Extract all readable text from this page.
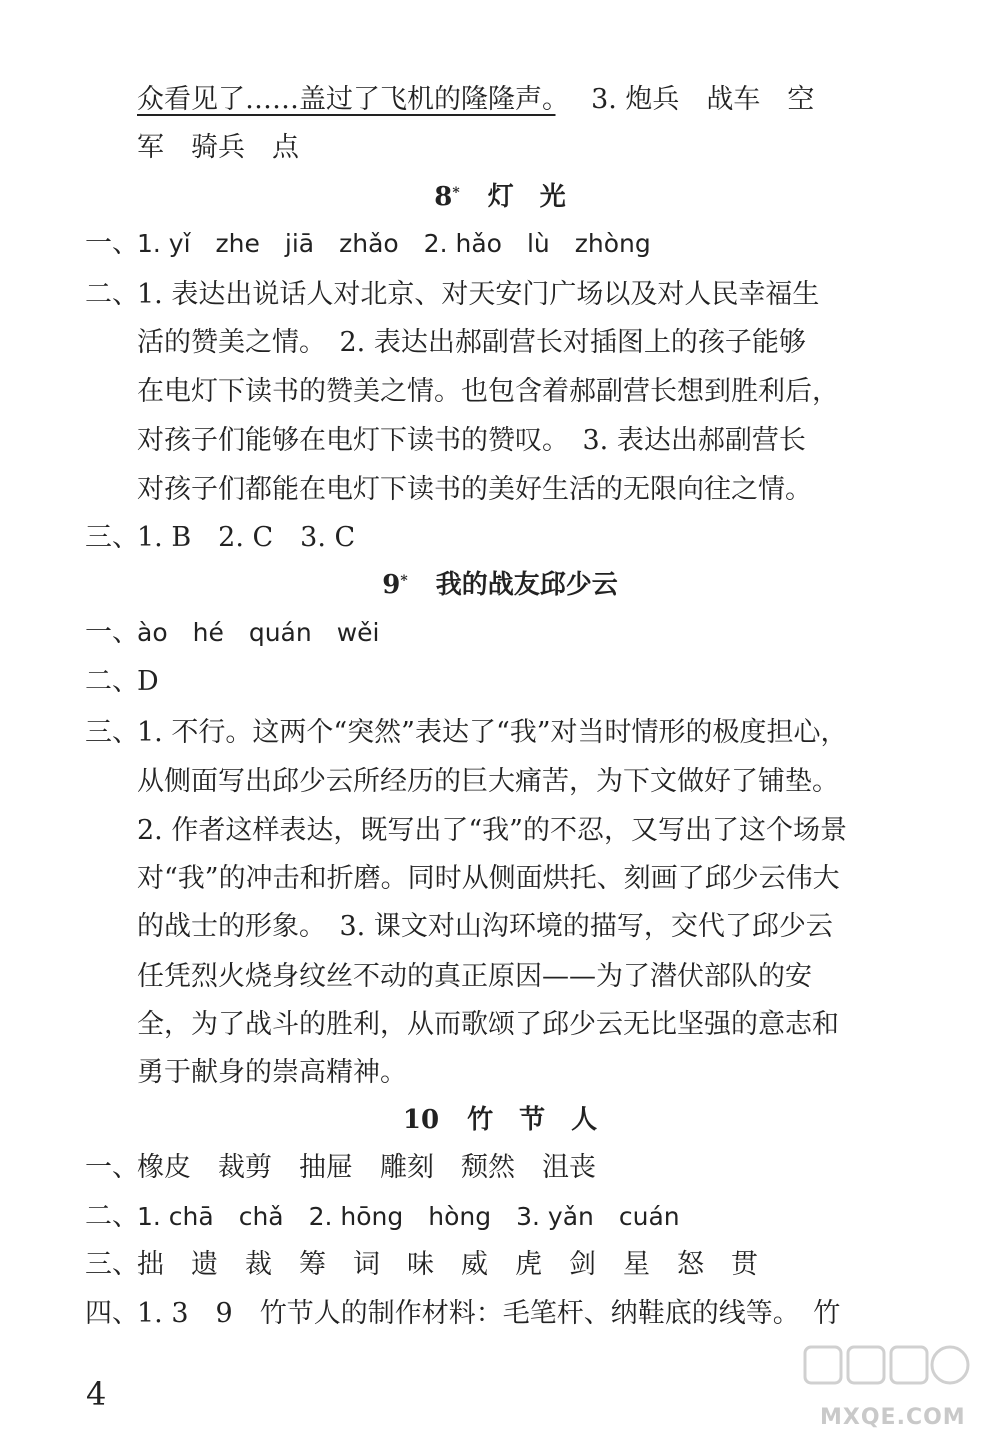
众看见了……盖过了飞机的隆隆声。　 3. 炮兵　战车　空
军　骑兵　点
8* 灯　光
一、
1. yǐ　zhe　jiā　zhǎo　2. hǎo　lù　zhòng
二、
1. 表达出说话人对北京、对天安门广场以及对人民幸福生
活的赞美之情。　2. 表达出郝副营长对插图上的孩子能够
在电灯下读书的赞美之情。也包含着郝副营长想到胜利后，
对孩子们能够在电灯下读书的赞叹。　3. 表达出郝副营长
对孩子们都能在电灯下读书的美好生活的无限向往之情。
三、
1. B　2. C　3. C
9* 我的战友邱少云
一、
ào　hé　quán　wěi
二、
D
三、
1. 不行。这两个“突然”表达了“我”对当时情形的极度担心，
从侧面写出邱少云所经历的巨大痛苦，为下文做好了铺垫。
2. 作者这样表达，既写出了“我”的不忍，又写出了这个场景
对“我”的冲击和折磨。同时从侧面烘托、刻画了邱少云伟大
的战士的形象。　3. 课文对山沟环境的描写，交代了邱少云
任凭烈火烧身纹丝不动的真正原因——为了潜伏部队的安
全，为了战斗的胜利，从而歌颂了邱少云无比坚强的意志和
勇于献身的崇高精神。
10 竹　节　人
一、
橡皮　裁剪　抽屉　雕刻　颓然　沮丧
二、
1. chā　chǎ　2. hōng　hòng　3. yǎn　cuán
三、
拙　遗　裁　筹　词　味　威　虎　剑　星　怒　贯
四、
1. 3　9　竹节人的制作材料：毛笔杆、纳鞋底的线等。　竹
4
MXQE.COM
